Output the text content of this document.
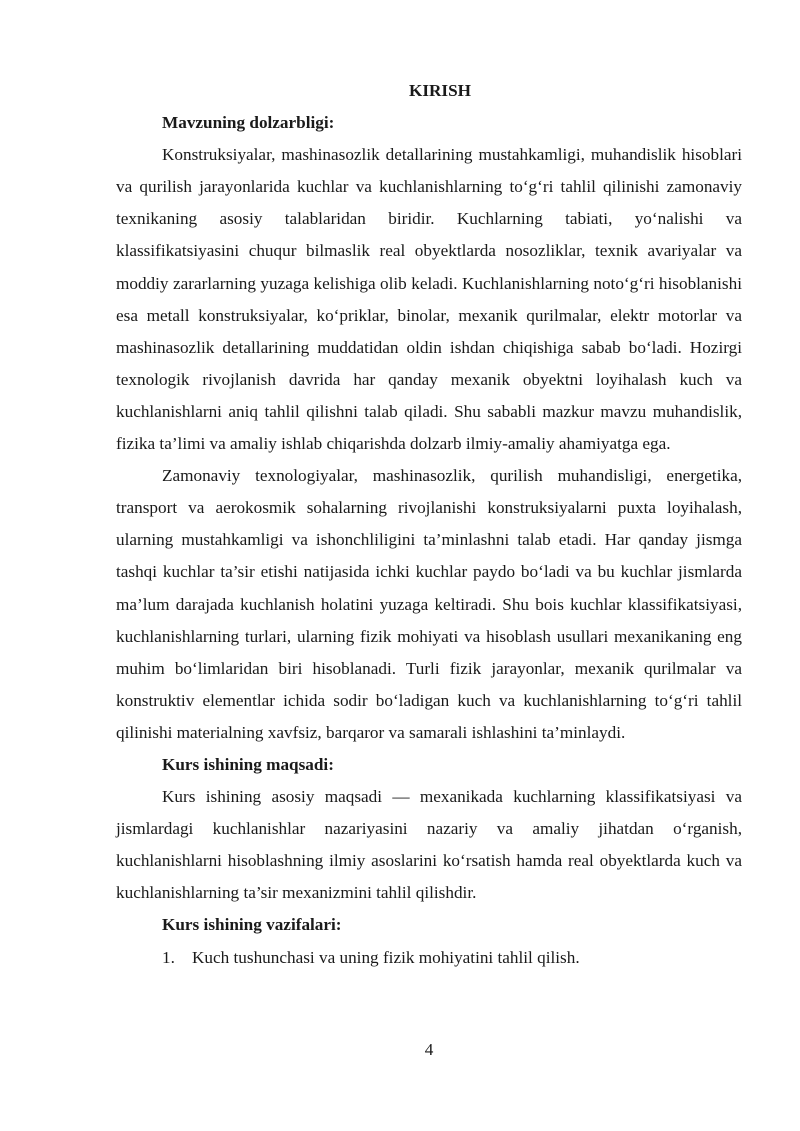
KIRISH

Mavzuning dolzarbligi:

Konstruksiyalar, mashinasozlik detallarining mustahkamligi, muhandislik hisoblari va qurilish jarayonlarida kuchlar va kuchlanishlarning to‘g‘ri tahlil qilinishi zamonaviy texnikaning asosiy talablaridan biridir. Kuchlarning tabiati, yo‘nalishi va klassifikatsiyasini chuqur bilmaslik real obyektlarda nosozliklar, texnik avariyalar va moddiy zararlarning yuzaga kelishiga olib keladi. Kuchlanishlarning noto‘g‘ri hisoblanishi esa metall konstruksiyalar, ko‘priklar, binolar, mexanik qurilmalar, elektr motorlar va mashinasozlik detallarining muddatidan oldin ishdan chiqishiga sabab bo‘ladi. Hozirgi texnologik rivojlanish davrida har qanday mexanik obyektni loyihalash kuch va kuchlanishlarni aniq tahlil qilishni talab qiladi. Shu sababli mazkur mavzu muhandislik, fizika ta’limi va amaliy ishlab chiqarishda dolzarb ilmiy-amaliy ahamiyatga ega.

Zamonaviy texnologiyalar, mashinasozlik, qurilish muhandisligi, energetika, transport va aerokosmik sohalarning rivojlanishi konstruksiyalarni puxta loyihalash, ularning mustahkamligi va ishonchliligini ta’minlashni talab etadi. Har qanday jismga tashqi kuchlar ta’sir etishi natijasida ichki kuchlar paydo bo‘ladi va bu kuchlar jismlarda ma’lum darajada kuchlanish holatini yuzaga keltiradi. Shu bois kuchlar klassifikatsiyasi, kuchlanishlarning turlari, ularning fizik mohiyati va hisoblash usullari mexanikaning eng muhim bo‘limlaridan biri hisoblanadi. Turli fizik jarayonlar, mexanik qurilmalar va konstruktiv elementlar ichida sodir bo‘ladigan kuch va kuchlanishlarning to‘g‘ri tahlil qilinishi materialning xavfsiz, barqaror va samarali ishlashini ta’minlaydi.

Kurs ishining maqsadi:

Kurs ishining asosiy maqsadi — mexanikada kuchlarning klassifikatsiyasi va jismlardagi kuchlanishlar nazariyasini nazariy va amaliy jihatdan o‘rganish, kuchlanishlarni hisoblashning ilmiy asoslarini ko‘rsatish hamda real obyektlarda kuch va kuchlanishlarning ta’sir mexanizmini tahlil qilishdir.

Kurs ishining vazifalari:

1. Kuch tushunchasi va uning fizik mohiyatini tahlil qilish.
4
